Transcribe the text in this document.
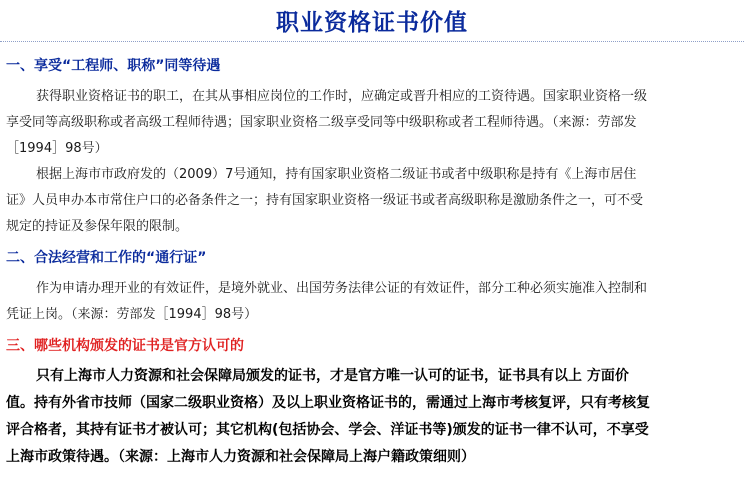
职业资格证书价值
一、享受“工程师、职称”同等待遇
获得职业资格证书的职工，在其从事相应岗位的工作时，应确定或晋升相应的工资待遇。国家职业资格一级
享受同等高级职称或者高级工程师待遇；国家职业资格二级享受同等中级职称或者工程师待遇。（来源：劳部发
［1994］98号）
根据上海市市政府发的（2009）7号通知，持有国家职业资格二级证书或者中级职称是持有《上海市居住
证》人员申办本市常住户口的必备条件之一；持有国家职业资格一级证书或者高级职称是激励条件之一，可不受
规定的持证及参保年限的限制。
二、合法经营和工作的“通行证”
作为申请办理开业的有效证件，是境外就业、出国劳务法律公证的有效证件，部分工种必须实施准入控制和
凭证上岗。（来源：劳部发［1994］98号）
三、哪些机构颁发的证书是官方认可的
只有上海市人力资源和社会保障局颁发的证书，才是官方唯一认可的证书，证书具有以上 方面价
值。持有外省市技师（国家二级职业资格）及以上职业资格证书的，需通过上海市考核复评，只有考核复
评合格者，其持有证书才被认可；其它机构(包括协会、学会、洋证书等)颁发的证书一律不认可，不享受
上海市政策待遇。（来源：上海市人力资源和社会保障局上海户籍政策细则）
